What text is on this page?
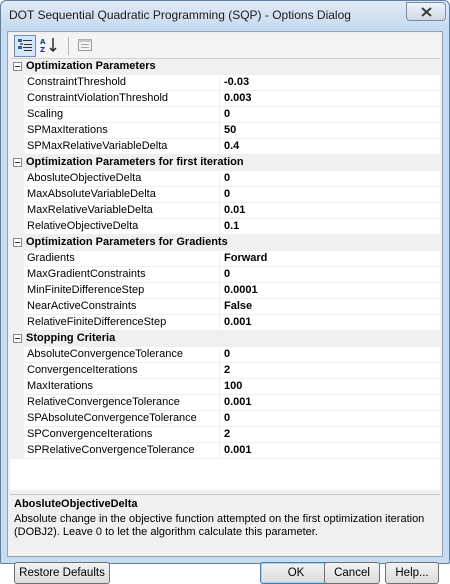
DOT Sequential Quadratic Programming (SQP) - Options Dialog
A
Z
Optimization Parameters
ConstraintThreshold	-0.03
ConstraintViolationThreshold	0.003
Scaling	0
SPMaxIterations	50
SPMaxRelativeVariableDelta	0.4
Optimization Parameters for first iteration
AbosluteObjectiveDelta	0
MaxAbsoluteVariableDelta	0
MaxRelativeVariableDelta	0.01
RelativeObjectiveDelta	0.1
Optimization Parameters for Gradients
Gradients	Forward
MaxGradientConstraints	0
MinFiniteDifferenceStep	0.0001
NearActiveConstraints	False
RelativeFiniteDifferenceStep	0.001
Stopping Criteria
AbsoluteConvergenceTolerance	0
ConvergenceIterations	2
MaxIterations	100
RelativeConvergenceTolerance	0.001
SPAbsoluteConvergenceTolerance	0
SPConvergenceIterations	2
SPRelativeConvergenceTolerance	0.001
AbosluteObjectiveDelta
Absolute change in the objective function attempted on the first optimization iteration (DOBJ2). Leave 0 to let the algorithm calculate this parameter.
Restore Defaults	OK	Cancel	Help...
